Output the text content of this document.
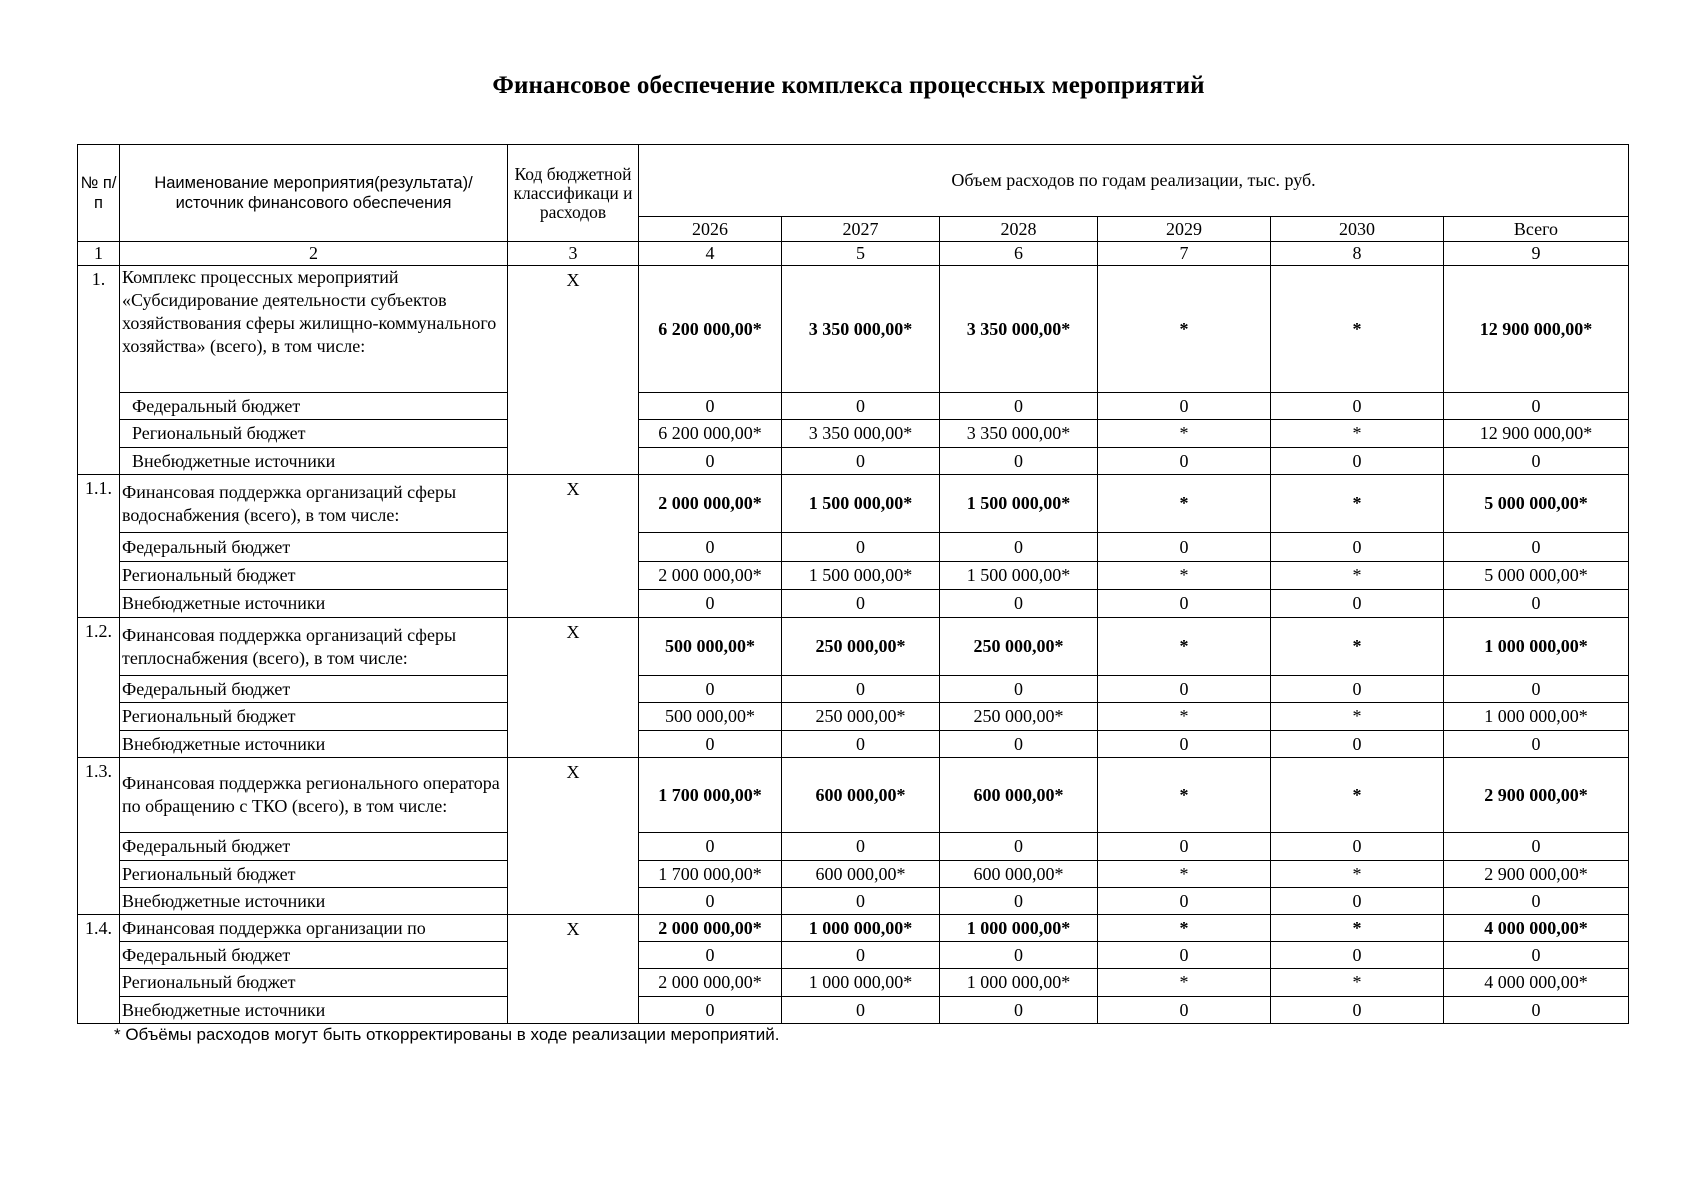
Финансовое обеспечение комплекса процессных мероприятий
№ п/п	Наименование мероприятия(результата)/ источник финансового обеспечения	Код бюджетной классификаци и расходов	Объем расходов по годам реализации, тыс. руб.					
			2026	2027	2028	2029	2030	Всего
1	2	3	4	5	6	7	8	9
1.	Комплекс процессных мероприятий «Субсидирование деятельности субъектов хозяйствования сферы жилищно-коммунального хозяйства» (всего), в том числе:	X	6 200 000,00*	3 350 000,00*	3 350 000,00*	*	*	12 900 000,00*
	Федеральный бюджет		0	0	0	0	0	0
	Региональный бюджет		6 200 000,00*	3 350 000,00*	3 350 000,00*	*	*	12 900 000,00*
	Внебюджетные источники		0	0	0	0	0	0
1.1.	Финансовая поддержка организаций сферы водоснабжения (всего), в том числе:	X	2 000 000,00*	1 500 000,00*	1 500 000,00*	*	*	5 000 000,00*
	Федеральный бюджет		0	0	0	0	0	0
	Региональный бюджет		2 000 000,00*	1 500 000,00*	1 500 000,00*	*	*	5 000 000,00*
	Внебюджетные источники		0	0	0	0	0	0
1.2.	Финансовая поддержка организаций сферы теплоснабжения (всего), в том числе:	X	500 000,00*	250 000,00*	250 000,00*	*	*	1 000 000,00*
	Федеральный бюджет		0	0	0	0	0	0
	Региональный бюджет		500 000,00*	250 000,00*	250 000,00*	*	*	1 000 000,00*
	Внебюджетные источники		0	0	0	0	0	0
1.3.	Финансовая поддержка регионального оператора по обращению с ТКО (всего), в том числе:	X	1 700 000,00*	600 000,00*	600 000,00*	*	*	2 900 000,00*
	Федеральный бюджет		0	0	0	0	0	0
	Региональный бюджет		1 700 000,00*	600 000,00*	600 000,00*	*	*	2 900 000,00*
	Внебюджетные источники		0	0	0	0	0	0
1.4.	Финансовая поддержка организации по	X	2 000 000,00*	1 000 000,00*	1 000 000,00*	*	*	4 000 000,00*
	Федеральный бюджет		0	0	0	0	0	0
	Региональный бюджет		2 000 000,00*	1 000 000,00*	1 000 000,00*	*	*	4 000 000,00*
	Внебюджетные источники		0	0	0	0	0	0
* Объёмы расходов могут быть откорректированы в ходе реализации мероприятий.
